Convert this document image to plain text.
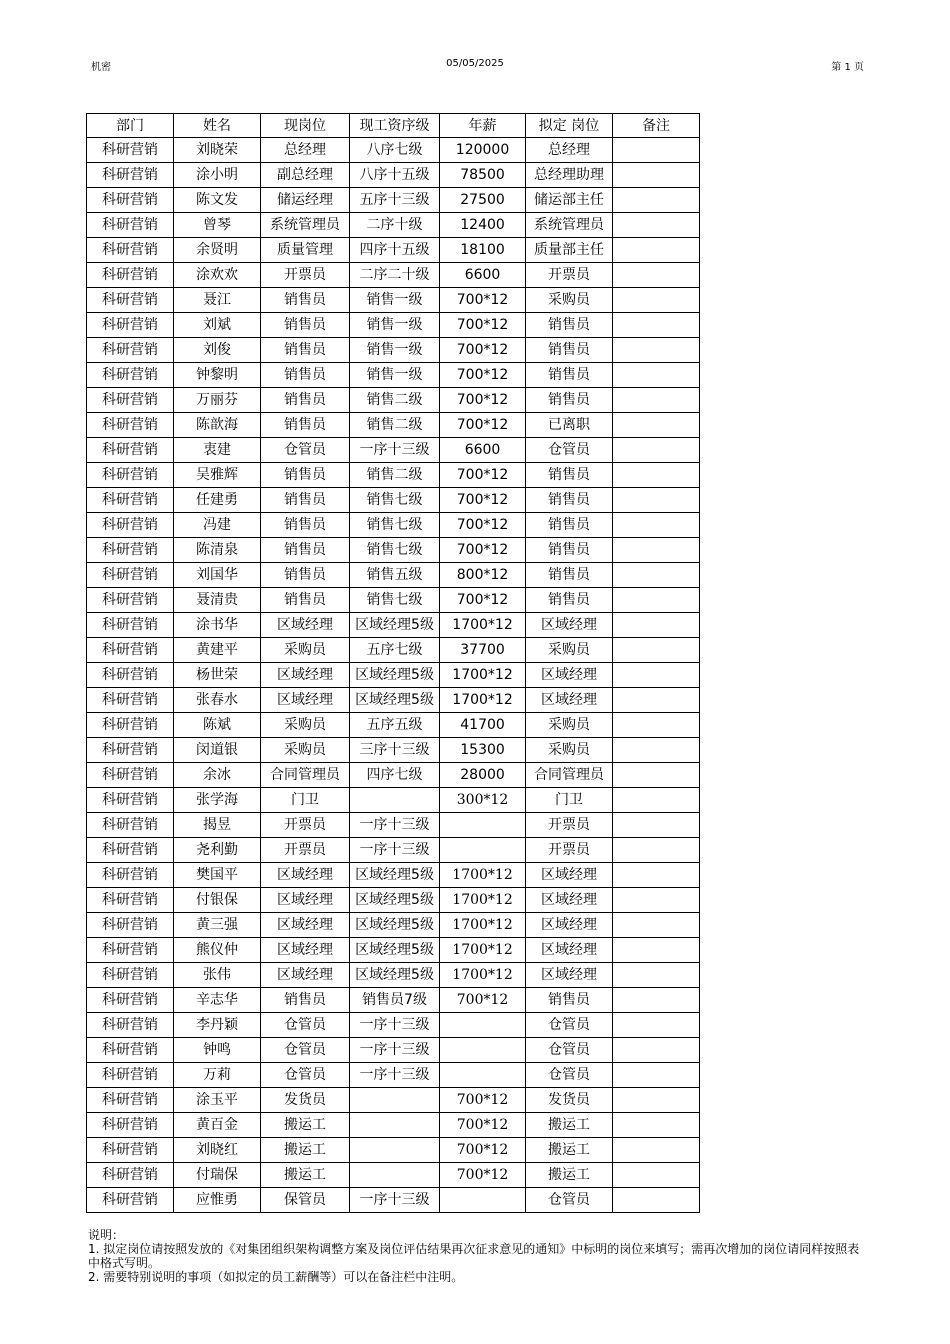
机密	05/05/2025	第 1 页
部门	姓名	现岗位	现工资序级	年薪	拟定 岗位	备注
科研营销	刘晓荣	总经理	八序七级	120000	总经理	
科研营销	涂小明	副总经理	八序十五级	78500	总经理助理	
科研营销	陈文发	储运经理	五序十三级	27500	储运部主任	
科研营销	曾琴	系统管理员	二序十级	12400	系统管理员	
科研营销	余贤明	质量管理	四序十五级	18100	质量部主任	
科研营销	涂欢欢	开票员	二序二十级	6600	开票员	
科研营销	聂江	销售员	销售一级	700*12	采购员	
科研营销	刘斌	销售员	销售一级	700*12	销售员	
科研营销	刘俊	销售员	销售一级	700*12	销售员	
科研营销	钟黎明	销售员	销售一级	700*12	销售员	
科研营销	万丽芬	销售员	销售二级	700*12	销售员	
科研营销	陈歆海	销售员	销售二级	700*12	已离职	
科研营销	衷建	仓管员	一序十三级	6600	仓管员	
科研营销	吴雅辉	销售员	销售二级	700*12	销售员	
科研营销	任建勇	销售员	销售七级	700*12	销售员	
科研营销	冯建	销售员	销售七级	700*12	销售员	
科研营销	陈清泉	销售员	销售七级	700*12	销售员	
科研营销	刘国华	销售员	销售五级	800*12	销售员	
科研营销	聂清贵	销售员	销售七级	700*12	销售员	
科研营销	涂书华	区域经理	区域经理5级	1700*12	区域经理	
科研营销	黄建平	采购员	五序七级	37700	采购员	
科研营销	杨世荣	区域经理	区域经理5级	1700*12	区域经理	
科研营销	张春水	区域经理	区域经理5级	1700*12	区域经理	
科研营销	陈斌	采购员	五序五级	41700	采购员	
科研营销	闵道银	采购员	三序十三级	15300	采购员	
科研营销	余冰	合同管理员	四序七级	28000	合同管理员	
科研营销	张学海	门卫		300*12	门卫	
科研营销	揭昱	开票员	一序十三级		开票员	
科研营销	尧利勤	开票员	一序十三级		开票员	
科研营销	樊国平	区域经理	区域经理5级	1700*12	区域经理	
科研营销	付银保	区域经理	区域经理5级	1700*12	区域经理	
科研营销	黄三强	区域经理	区域经理5级	1700*12	区域经理	
科研营销	熊仪仲	区域经理	区域经理5级	1700*12	区域经理	
科研营销	张伟	区域经理	区域经理5级	1700*12	区域经理	
科研营销	辛志华	销售员	销售员7级	700*12	销售员	
科研营销	李丹颖	仓管员	一序十三级		仓管员	
科研营销	钟鸣	仓管员	一序十三级		仓管员	
科研营销	万莉	仓管员	一序十三级		仓管员	
科研营销	涂玉平	发货员		700*12	发货员	
科研营销	黄百金	搬运工		700*12	搬运工	
科研营销	刘晓红	搬运工		700*12	搬运工	
科研营销	付瑞保	搬运工		700*12	搬运工	
科研营销	应惟勇	保管员	一序十三级		仓管员	
说明：
1. 拟定岗位请按照发放的《对集团组织架构调整方案及岗位评估结果再次征求意见的通知》中标明的岗位来填写；需再次增加的岗位请同样按照表中格式写明。
2. 需要特别说明的事项（如拟定的员工薪酬等）可以在备注栏中注明。
